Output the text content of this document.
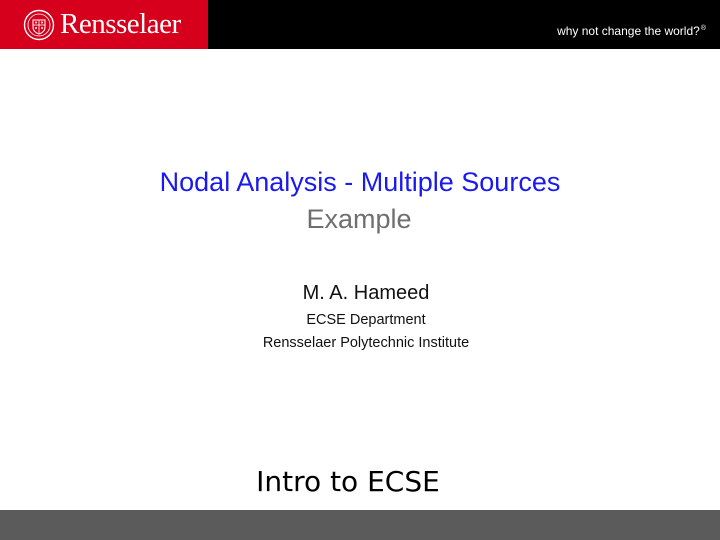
Rensselaer	why not change the world?®
Nodal Analysis - Multiple Sources
Example
M. A. Hameed
ECSE Department
Rensselaer Polytechnic Institute
Intro to ECSE
